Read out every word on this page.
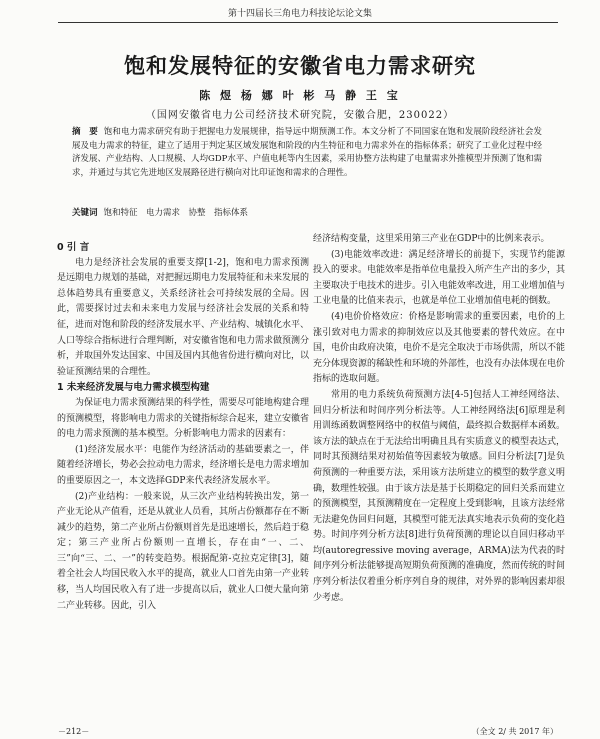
第十四届长三角电力科技论坛论文集
饱和发展特征的安徽省电力需求研究
陈 煜 杨 娜 叶 彬 马 静 王 宝
（国网安徽省电力公司经济技术研究院，安徽合肥，230022）
摘　要 饱和电力需求研究有助于把握电力发展规律，指导远中期预测工作。本文分析了不同国家在饱和发展阶段经济社会发展及电力需求的特征，建立了适用于判定某区域发展饱和阶段的内生特征和电力需求外在的指标体系；研究了工业化过程中经济发展、产业结构、人口规模、人均GDP水平、户值电耗等内生因素，采用协整方法构建了电量需求外推模型并预测了饱和需求，并通过与其它先进地区发展路径进行横向对比印证饱和需求的合理性。
关键词 饱和特征　电力需求　协整　指标体系

0 引 言

电力是经济社会发展的重要支撑[1-2]，饱和电力需求预测是远期电力规划的基础，对把握远期电力发展特征和未来发展的总体趋势具有重要意义，关系经济社会可持续发展的全局。因此，需要探讨过去和未来电力发展与经济社会发展的关系和特征，进而对饱和阶段的经济发展水平、产业结构、城镇化水平、人口等综合指标进行合理判断，对安徽省饱和电力需求做预测分析，并取国外发达国家、中国及国内其他省份进行横向对比，以验证预测结果的合理性。

1 未来经济发展与电力需求模型构建

为保证电力需求预测结果的科学性，需要尽可能地构建合理的预测模型，将影响电力需求的关键指标综合起来，建立安徽省的电力需求预测的基本模型。分析影响电力需求的因素有：

(1)经济发展水平：电能作为经济活动的基础要素之一，伴随着经济增长，势必会拉动电力需求，经济增长是电力需求增加的重要原因之一，本文选择GDP来代表经济发展水平。

(2)产业结构：一般来说，从三次产业结构转换出发，第一产业无论从产值看，还是从就业人员看，其所占份额都存在不断减少的趋势，第二产业所占份额则首先是迅速增长，然后趋于稳定；第三产业所占份额则一直增长，存在由“一、二、三”向“三、二、一”的转变趋势。根据配第-克拉克定律[3]，随着全社会人均国民收入水平的提高，就业人口首先由第一产业转移，当人均国民收入有了进一步提高以后，就业人口便大量向第二产业转移。因此，引入

经济结构变量，这里采用第三产业在GDP中的比例来表示。

(3)电能效率改进：满足经济增长的前提下，实现节约能源投入的要求。电能效率是指单位电量投入所产生产出的多少，其主要取决于电技术的进步。引入电能效率改进，用工业增加值与工业电量的比值来表示，也就是单位工业增加值电耗的倒数。

(4)电价价格效应：价格是影响需求的重要因素，电价的上涨引致对电力需求的抑制效应以及其他要素的替代效应。在中国，电价由政府决策，电价不是完全取决于市场供需，所以不能充分体现资源的稀缺性和环境的外部性，也没有办法体现在电价指标的选取问题。

常用的电力系统负荷预测方法[4-5]包括人工神经网络法、回归分析法和时间序列分析法等。人工神经网络法[6]原理是利用训练函数调整网络中的权值与阈值，最终拟合数据样本函数。该方法的缺点在于无法给出明确且具有实质意义的模型表达式，同时其预测结果对初始值等因素较为敏感。回归分析法[7]是负荷预测的一种重要方法，采用该方法所建立的模型的数学意义明确，数理性较强。由于该方法是基于长期稳定的回归关系而建立的预测模型，其预测精度在一定程度上受到影响，且该方法经常无法避免伪回归问题，其模型可能无法真实地表示负荷的变化趋势。时间序列分析方法[8]进行负荷预测的理论以自回归移动平均(autoregressive moving average，ARMA)法为代表的时间序列分析法能够提高短期负荷预测的准确度，然而传统的时间序列分析法仅着重分析序列自身的规律，对外界的影响因素却很少考虑。

－212－	（全文 2/ 共 2017 年）
